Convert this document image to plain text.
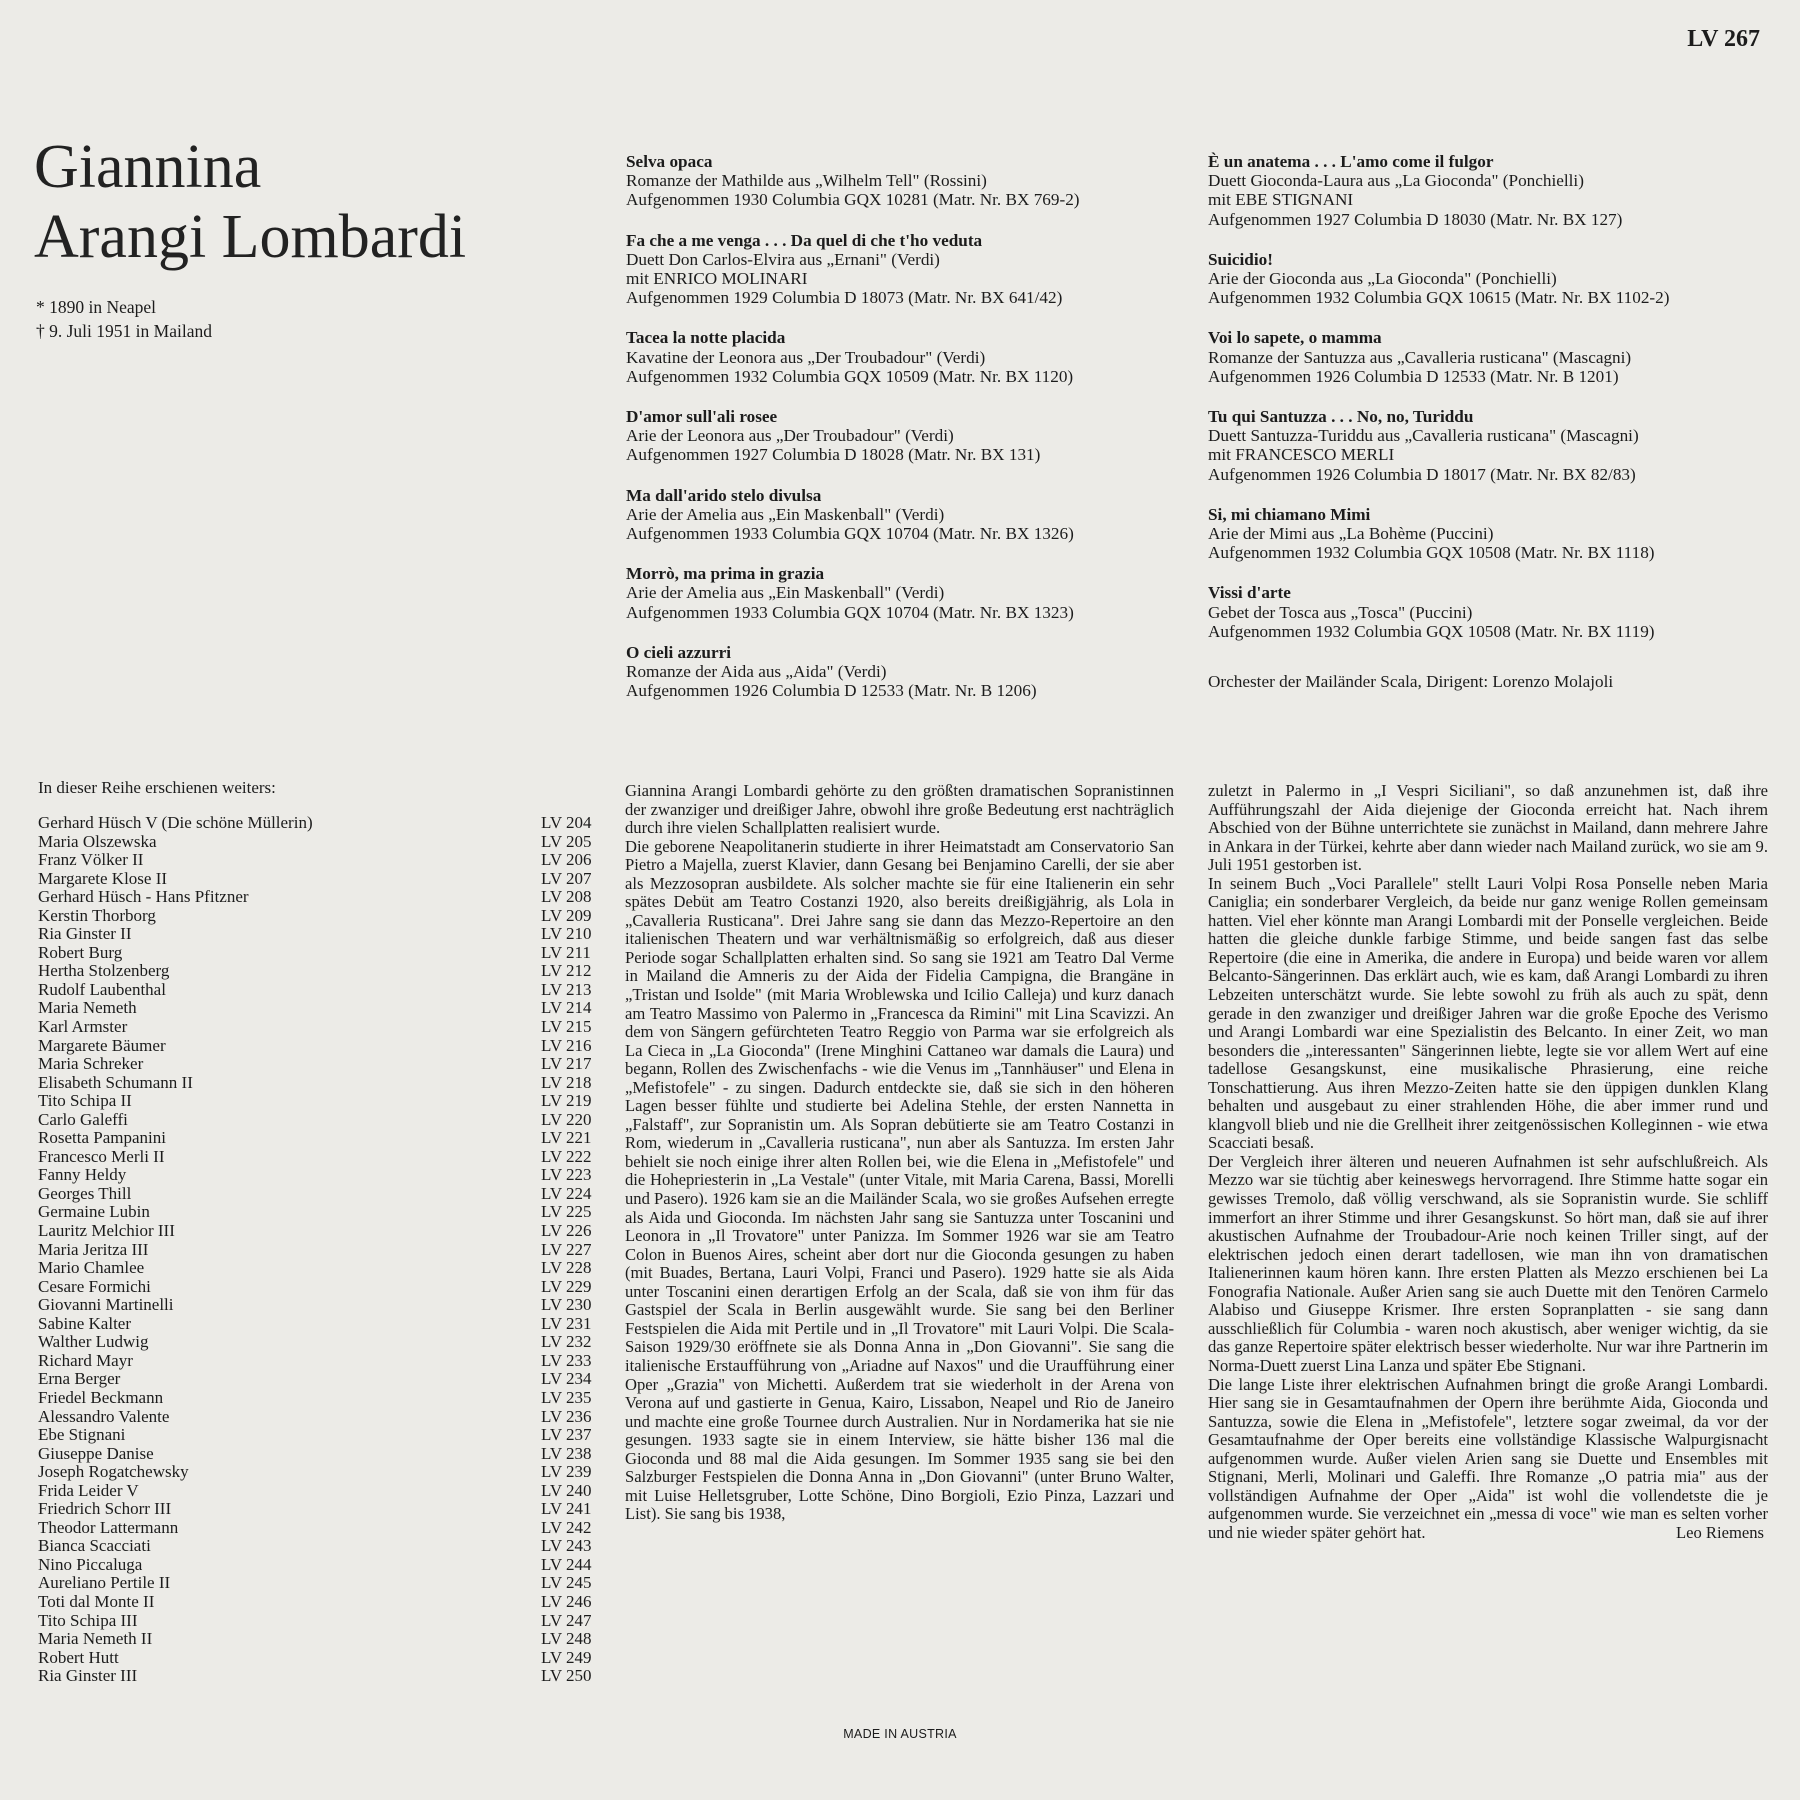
LV 267
Giannina
Arangi Lombardi
* 1890 in Neapel
† 9. Juli 1951 in Mailand
Selva opaca
Romanze der Mathilde aus „Wilhelm Tell" (Rossini)
Aufgenommen 1930 Columbia GQX 10281 (Matr. Nr. BX 769-2)
Fa che a me venga . . . Da quel di che t'ho veduta
Duett Don Carlos-Elvira aus „Ernani" (Verdi)
mit ENRICO MOLINARI
Aufgenommen 1929 Columbia D 18073 (Matr. Nr. BX 641/42)
Tacea la notte placida
Kavatine der Leonora aus „Der Troubadour" (Verdi)
Aufgenommen 1932 Columbia GQX 10509 (Matr. Nr. BX 1120)
D'amor sull'ali rosee
Arie der Leonora aus „Der Troubadour" (Verdi)
Aufgenommen 1927 Columbia D 18028 (Matr. Nr. BX 131)
Ma dall'arido stelo divulsa
Arie der Amelia aus „Ein Maskenball" (Verdi)
Aufgenommen 1933 Columbia GQX 10704 (Matr. Nr. BX 1326)
Morrò, ma prima in grazia
Arie der Amelia aus „Ein Maskenball" (Verdi)
Aufgenommen 1933 Columbia GQX 10704 (Matr. Nr. BX 1323)
O cieli azzurri
Romanze der Aida aus „Aida" (Verdi)
Aufgenommen 1926 Columbia D 12533 (Matr. Nr. B 1206)
È un anatema . . . L'amo come il fulgor
Duett Gioconda-Laura aus „La Gioconda" (Ponchielli)
mit EBE STIGNANI
Aufgenommen 1927 Columbia D 18030 (Matr. Nr. BX 127)
Suicidio!
Arie der Gioconda aus „La Gioconda" (Ponchielli)
Aufgenommen 1932 Columbia GQX 10615 (Matr. Nr. BX 1102-2)
Voi lo sapete, o mamma
Romanze der Santuzza aus „Cavalleria rusticana" (Mascagni)
Aufgenommen 1926 Columbia D 12533 (Matr. Nr. B 1201)
Tu qui Santuzza . . . No, no, Turiddu
Duett Santuzza-Turiddu aus „Cavalleria rusticana" (Mascagni)
mit FRANCESCO MERLI
Aufgenommen 1926 Columbia D 18017 (Matr. Nr. BX 82/83)
Si, mi chiamano Mimi
Arie der Mimi aus „La Bohème (Puccini)
Aufgenommen 1932 Columbia GQX 10508 (Matr. Nr. BX 1118)
Vissi d'arte
Gebet der Tosca aus „Tosca" (Puccini)
Aufgenommen 1932 Columbia GQX 10508 (Matr. Nr. BX 1119)
Orchester der Mailänder Scala, Dirigent: Lorenzo Molajoli
In dieser Reihe erschienen weiters:
Gerhard Hüsch V (Die schöne Müllerin)	LV 204
Maria Olszewska	LV 205
Franz Völker II	LV 206
Margarete Klose II	LV 207
Gerhard Hüsch - Hans Pfitzner	LV 208
Kerstin Thorborg	LV 209
Ria Ginster II	LV 210
Robert Burg	LV 211
Hertha Stolzenberg	LV 212
Rudolf Laubenthal	LV 213
Maria Nemeth	LV 214
Karl Armster	LV 215
Margarete Bäumer	LV 216
Maria Schreker	LV 217
Elisabeth Schumann II	LV 218
Tito Schipa II	LV 219
Carlo Galeffi	LV 220
Rosetta Pampanini	LV 221
Francesco Merli II	LV 222
Fanny Heldy	LV 223
Georges Thill	LV 224
Germaine Lubin	LV 225
Lauritz Melchior III	LV 226
Maria Jeritza III	LV 227
Mario Chamlee	LV 228
Cesare Formichi	LV 229
Giovanni Martinelli	LV 230
Sabine Kalter	LV 231
Walther Ludwig	LV 232
Richard Mayr	LV 233
Erna Berger	LV 234
Friedel Beckmann	LV 235
Alessandro Valente	LV 236
Ebe Stignani	LV 237
Giuseppe Danise	LV 238
Joseph Rogatchewsky	LV 239
Frida Leider V	LV 240
Friedrich Schorr III	LV 241
Theodor Lattermann	LV 242
Bianca Scacciati	LV 243
Nino Piccaluga	LV 244
Aureliano Pertile II	LV 245
Toti dal Monte II	LV 246
Tito Schipa III	LV 247
Maria Nemeth II	LV 248
Robert Hutt	LV 249
Ria Ginster III	LV 250

Giannina Arangi Lombardi gehörte zu den größten dramatischen Sopranistinnen der zwanziger und dreißiger Jahre, obwohl ihre große Bedeutung erst nachträglich durch ihre vielen Schallplatten realisiert wurde.

Die geborene Neapolitanerin studierte in ihrer Heimatstadt am Conservatorio San Pietro a Majella, zuerst Klavier, dann Gesang bei Benjamino Carelli, der sie aber als Mezzosopran ausbildete. Als solcher machte sie für eine Italienerin ein sehr spätes Debüt am Teatro Costanzi 1920, also bereits dreißigjährig, als Lola in „Cavalleria Rusticana". Drei Jahre sang sie dann das Mezzo-Repertoire an den italienischen Theatern und war verhältnismäßig so erfolgreich, daß aus dieser Periode sogar Schallplatten erhalten sind. So sang sie 1921 am Teatro Dal Verme in Mailand die Amneris zu der Aida der Fidelia Campigna, die Brangäne in „Tristan und Isolde" (mit Maria Wroblewska und Icilio Calleja) und kurz danach am Teatro Massimo von Palermo in „Francesca da Rimini" mit Lina Scavizzi. An dem von Sängern gefürchteten Teatro Reggio von Parma war sie erfolgreich als La Cieca in „La Gioconda" (Irene Minghini Cattaneo war damals die Laura) und begann, Rollen des Zwischenfachs - wie die Venus im „Tannhäuser" und Elena in „Mefistofele" - zu singen. Dadurch entdeckte sie, daß sie sich in den höheren Lagen besser fühlte und studierte bei Adelina Stehle, der ersten Nannetta in „Falstaff", zur Sopranistin um. Als Sopran debütierte sie am Teatro Costanzi in Rom, wiederum in „Cavalleria rusticana", nun aber als Santuzza. Im ersten Jahr behielt sie noch einige ihrer alten Rollen bei, wie die Elena in „Mefistofele" und die Hohepriesterin in „La Vestale" (unter Vitale, mit Maria Carena, Bassi, Morelli und Pasero). 1926 kam sie an die Mailänder Scala, wo sie großes Aufsehen erregte als Aida und Gioconda. Im nächsten Jahr sang sie Santuzza unter Toscanini und Leonora in „Il Trovatore" unter Panizza. Im Sommer 1926 war sie am Teatro Colon in Buenos Aires, scheint aber dort nur die Gioconda gesungen zu haben (mit Buades, Bertana, Lauri Volpi, Franci und Pasero). 1929 hatte sie als Aida unter Toscanini einen derartigen Erfolg an der Scala, daß sie von ihm für das Gastspiel der Scala in Berlin ausgewählt wurde. Sie sang bei den Berliner Festspielen die Aida mit Pertile und in „Il Trovatore" mit Lauri Volpi. Die Scala-Saison 1929/30 eröffnete sie als Donna Anna in „Don Giovanni". Sie sang die italienische Erstaufführung von „Ariadne auf Naxos" und die Uraufführung einer Oper „Grazia" von Michetti. Außerdem trat sie wiederholt in der Arena von Verona auf und gastierte in Genua, Kairo, Lissabon, Neapel und Rio de Janeiro und machte eine große Tournee durch Australien. Nur in Nordamerika hat sie nie gesungen. 1933 sagte sie in einem Interview, sie hätte bisher 136 mal die Gioconda und 88 mal die Aida gesungen. Im Sommer 1935 sang sie bei den Salzburger Festspielen die Donna Anna in „Don Giovanni" (unter Bruno Walter, mit Luise Helletsgruber, Lotte Schöne, Dino Borgioli, Ezio Pinza, Lazzari und List). Sie sang bis 1938,

zuletzt in Palermo in „I Vespri Siciliani", so daß anzunehmen ist, daß ihre Aufführungszahl der Aida diejenige der Gioconda erreicht hat. Nach ihrem Abschied von der Bühne unterrichtete sie zunächst in Mailand, dann mehrere Jahre in Ankara in der Türkei, kehrte aber dann wieder nach Mailand zurück, wo sie am 9. Juli 1951 gestorben ist.

In seinem Buch „Voci Parallele" stellt Lauri Volpi Rosa Ponselle neben Maria Caniglia; ein sonderbarer Vergleich, da beide nur ganz wenige Rollen gemeinsam hatten. Viel eher könnte man Arangi Lombardi mit der Ponselle vergleichen. Beide hatten die gleiche dunkle farbige Stimme, und beide sangen fast das selbe Repertoire (die eine in Amerika, die andere in Europa) und beide waren vor allem Belcanto-Sängerinnen. Das erklärt auch, wie es kam, daß Arangi Lombardi zu ihren Lebzeiten unterschätzt wurde. Sie lebte sowohl zu früh als auch zu spät, denn gerade in den zwanziger und dreißiger Jahren war die große Epoche des Verismo und Arangi Lombardi war eine Spezialistin des Belcanto. In einer Zeit, wo man besonders die „interessanten" Sängerinnen liebte, legte sie vor allem Wert auf eine tadellose Gesangskunst, eine musikalische Phrasierung, eine reiche Tonschattierung. Aus ihren Mezzo-Zeiten hatte sie den üppigen dunklen Klang behalten und ausgebaut zu einer strahlenden Höhe, die aber immer rund und klangvoll blieb und nie die Grellheit ihrer zeitgenössischen Kolleginnen - wie etwa Scacciati besaß.

Der Vergleich ihrer älteren und neueren Aufnahmen ist sehr aufschlußreich. Als Mezzo war sie tüchtig aber keineswegs hervorragend. Ihre Stimme hatte sogar ein gewisses Tremolo, daß völlig verschwand, als sie Sopranistin wurde. Sie schliff immerfort an ihrer Stimme und ihrer Gesangskunst. So hört man, daß sie auf ihrer akustischen Aufnahme der Troubadour-Arie noch keinen Triller singt, auf der elektrischen jedoch einen derart tadellosen, wie man ihn von dramatischen Italienerinnen kaum hören kann. Ihre ersten Platten als Mezzo erschienen bei La Fonografia Nationale. Außer Arien sang sie auch Duette mit den Tenören Carmelo Alabiso und Giuseppe Krismer. Ihre ersten Sopranplatten - sie sang dann ausschließlich für Columbia - waren noch akustisch, aber weniger wichtig, da sie das ganze Repertoire später elektrisch besser wiederholte. Nur war ihre Partnerin im Norma-Duett zuerst Lina Lanza und später Ebe Stignani.

Die lange Liste ihrer elektrischen Aufnahmen bringt die große Arangi Lombardi. Hier sang sie in Gesamtaufnahmen der Opern ihre berühmte Aida, Gioconda und Santuzza, sowie die Elena in „Mefistofele", letztere sogar zweimal, da vor der Gesamtaufnahme der Oper bereits eine vollständige Klassische Walpurgisnacht aufgenommen wurde. Außer vielen Arien sang sie Duette und Ensembles mit Stignani, Merli, Molinari und Galeffi. Ihre Romanze „O patria mia" aus der vollständigen Aufnahme der Oper „Aida" ist wohl die vollendetste die je aufgenommen wurde. Sie verzeichnet ein „messa di voce" wie man es selten vorher und nie wieder später gehört hat.	Leo Riemens
MADE IN AUSTRIA
